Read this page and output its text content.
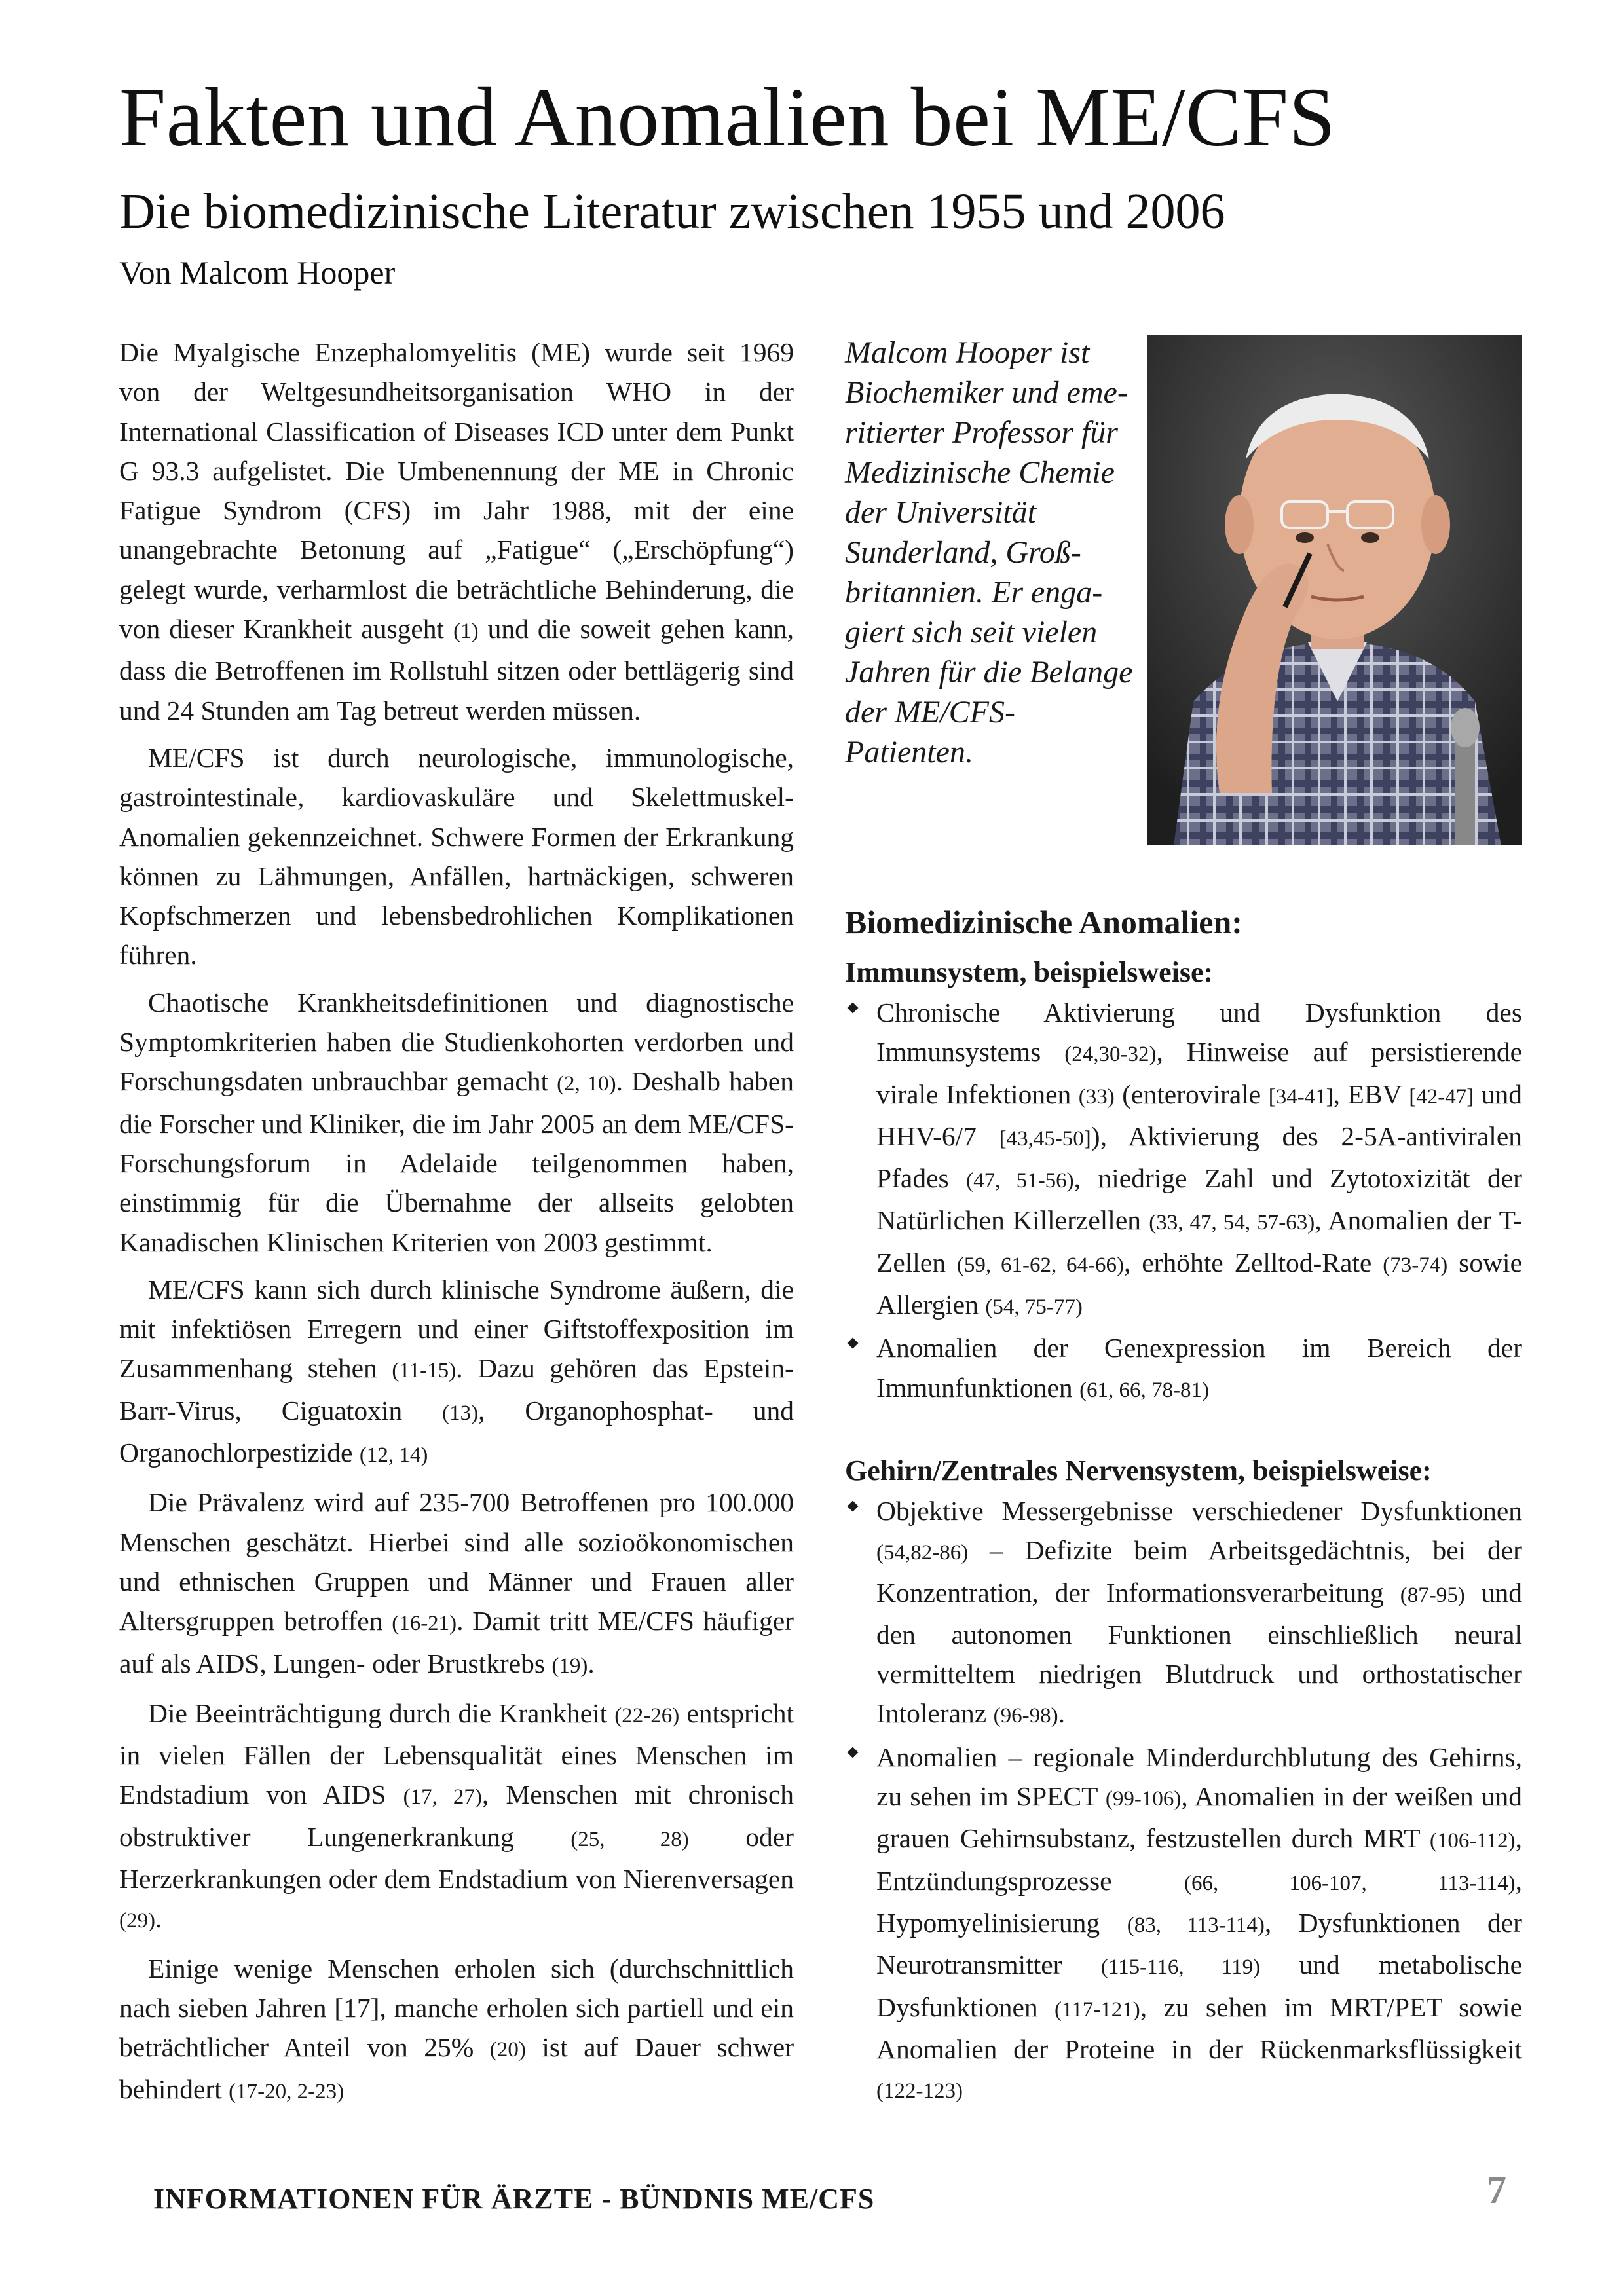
Fakten und Anomalien bei ME/CFS
Die biomedizinische Literatur zwischen 1955 und 2006
Von Malcom Hooper

Die Myalgische Enzephalomyelitis (ME) wurde seit 1969 von der Weltgesundheitsorganisation WHO in der International Classification of Diseases ICD unter dem Punkt G 93.3 aufgelistet. Die Umbenennung der ME in Chronic Fatigue Syndrom (CFS) im Jahr 1988, mit der eine unangebrachte Betonung auf „Fatigue“ („Erschöpfung“) gelegt wurde, verharmlost die beträchtliche Behinderung, die von dieser Krankheit ausgeht (1) und die soweit gehen kann, dass die Betroffenen im Rollstuhl sitzen oder bettlägerig sind und 24 Stunden am Tag betreut werden müssen.

ME/CFS ist durch neurologische, immunologische, gastrointestinale, kardiovaskuläre und Skelettmuskel-Anomalien gekennzeichnet. Schwere Formen der Erkrankung können zu Lähmungen, Anfällen, hartnäckigen, schweren Kopfschmerzen und lebensbedrohlichen Komplikationen führen.

Chaotische Krankheitsdefinitionen und diagnostische Symptomkriterien haben die Studienkohorten verdorben und Forschungsdaten unbrauchbar gemacht (2, 10). Deshalb haben die Forscher und Kliniker, die im Jahr 2005 an dem ME/CFS-Forschungsforum in Adelaide teilgenommen haben, einstimmig für die Übernahme der allseits gelobten Kanadischen Klinischen Kriterien von 2003 gestimmt.

ME/CFS kann sich durch klinische Syndrome äußern, die mit infektiösen Erregern und einer Giftstoffexposition im Zusammenhang stehen (11-15). Dazu gehören das Epstein-Barr-Virus, Ciguatoxin (13), Organophosphat- und Organochlorpestizide (12, 14)

Die Prävalenz wird auf 235-700 Betroffenen pro 100.000 Menschen geschätzt. Hierbei sind alle sozioökonomischen und ethnischen Gruppen und Männer und Frauen aller Altersgruppen betroffen (16-21). Damit tritt ME/CFS häufiger auf als AIDS, Lungen- oder Brustkrebs (19).

Die Beeinträchtigung durch die Krankheit (22-26) entspricht in vielen Fällen der Lebensqualität eines Menschen im Endstadium von AIDS (17, 27), Menschen mit chronisch obstruktiver Lungenerkrankung	(25, 28) oder Herzerkrankungen oder dem Endstadium von Nierenversagen (29).

Einige wenige Menschen erholen sich (durchschnittlich nach sieben Jahren [17], manche erholen sich partiell und ein beträchtlicher Anteil von 25% (20) ist auf Dauer schwer behindert (17-20, 2-23)

Malcom Hooper ist
Biochemiker und eme-
ritierter Professor für
Medizinische Chemie
der Universität
Sunderland, Groß-
britannien. Er enga-
giert sich seit vielen
Jahren für die Belange
der ME/CFS-
Patienten.
Biomedizinische Anomalien:
Immunsystem, beispielsweise:
Chronische Aktivierung und Dysfunktion des Immunsystems (24,30-32), Hinweise auf persistierende virale Infektionen (33) (enterovirale [34-41], EBV [42-47] und HHV-6/7 [43,45-50]), Aktivierung des 2-5A-antiviralen Pfades (47, 51-56), niedrige Zahl und Zytotoxizität der Natürlichen Killerzellen (33, 47, 54, 57-63), Anomalien der T-Zellen (59, 61-62, 64-66), erhöhte Zelltod-Rate (73-74) sowie Allergien (54, 75-77)
Anomalien der Genexpression im Bereich der Immunfunktionen (61, 66, 78-81)
Gehirn/Zentrales Nervensystem, beispielsweise:
Objektive Messergebnisse verschiedener Dysfunktionen (54,82-86) – Defizite beim Arbeitsgedächtnis, bei der Konzentration, der Informationsverarbeitung (87-95) und den autonomen Funktionen einschließlich neural vermitteltem niedrigen Blutdruck und orthostatischer Intoleranz (96-98).
Anomalien – regionale Minderdurchblutung des Gehirns, zu sehen im SPECT (99-106), Anomalien in der weißen und grauen Gehirnsubstanz, festzustellen durch MRT (106-112), Entzündungsprozesse (66, 106-107, 113-114), Hypomyelinisierung (83, 113-114), Dysfunktionen der Neurotransmitter (115-116, 119) und metabolische Dysfunktionen (117-121), zu sehen im MRT/PET sowie Anomalien der Proteine in der Rückenmarksflüssigkeit (122-123)
INFORMATIONEN FÜR ÄRZTE - BÜNDNIS ME/CFS	7
